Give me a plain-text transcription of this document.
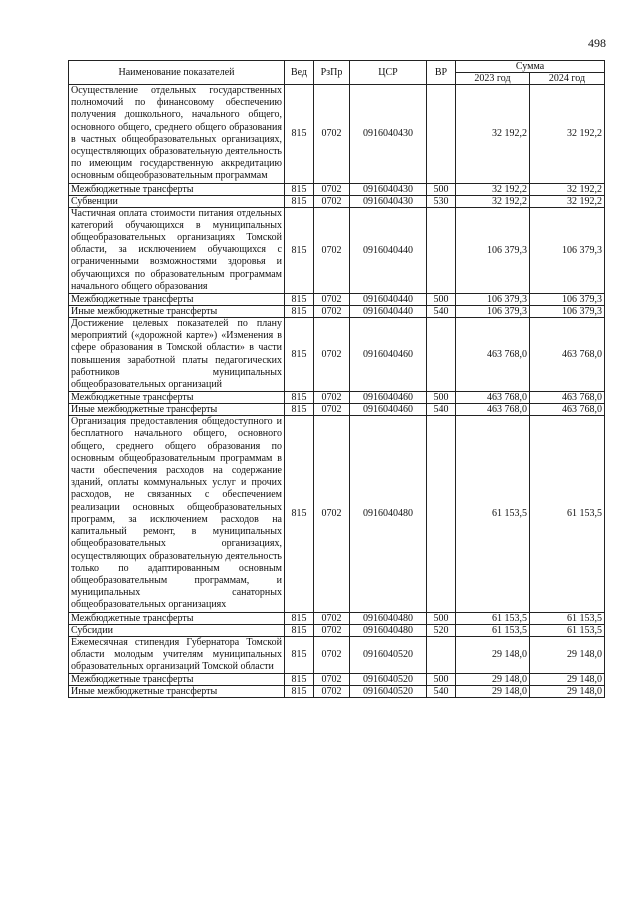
498
Наименование показателей	Вед	РзПр	ЦСР	ВР	Сумма	
					2023 год	2024 год
Осуществление отдельных государственных полномочий по финансовому обеспечению получения дошкольного, начального общего, основного общего, среднего общего образования в частных общеобразовательных организациях, осуществляющих образовательную деятельность по имеющим государственную аккредитацию основным общеобразовательным программам	815	0702	0916040430		32 192,2	32 192,2
Межбюджетные трансферты	815	0702	0916040430	500	32 192,2	32 192,2
Субвенции	815	0702	0916040430	530	32 192,2	32 192,2
Частичная оплата стоимости питания отдельных категорий обучающихся в муниципальных общеобразовательных организациях Томской области, за исключением обучающихся с ограниченными возможностями здоровья и обучающихся по образовательным программам начального общего образования	815	0702	0916040440		106 379,3	106 379,3
Межбюджетные трансферты	815	0702	0916040440	500	106 379,3	106 379,3
Иные межбюджетные трансферты	815	0702	0916040440	540	106 379,3	106 379,3
Достижение целевых показателей по плану мероприятий («дорожной карте») «Изменения в сфере образования в Томской области» в части повышения заработной платы педагогических работников муниципальных общеобразовательных организаций	815	0702	0916040460		463 768,0	463 768,0
Межбюджетные трансферты	815	0702	0916040460	500	463 768,0	463 768,0
Иные межбюджетные трансферты	815	0702	0916040460	540	463 768,0	463 768,0
Организация предоставления общедоступного и бесплатного начального общего, основного общего, среднего общего образования по основным общеобразовательным программам в части обеспечения расходов на содержание зданий, оплаты коммунальных услуг и прочих расходов, не связанных с обеспечением реализации основных общеобразовательных программ, за исключением расходов на капитальный ремонт, в муниципальных общеобразовательных организациях, осуществляющих образовательную деятельность только по адаптированным основным общеобразовательным программам, и муниципальных санаторных общеобразовательных организациях	815	0702	0916040480		61 153,5	61 153,5
Межбюджетные трансферты	815	0702	0916040480	500	61 153,5	61 153,5
Субсидии	815	0702	0916040480	520	61 153,5	61 153,5
Ежемесячная стипендия Губернатора Томской области молодым учителям муниципальных образовательных организаций Томской области	815	0702	0916040520		29 148,0	29 148,0
Межбюджетные трансферты	815	0702	0916040520	500	29 148,0	29 148,0
Иные межбюджетные трансферты	815	0702	0916040520	540	29 148,0	29 148,0
